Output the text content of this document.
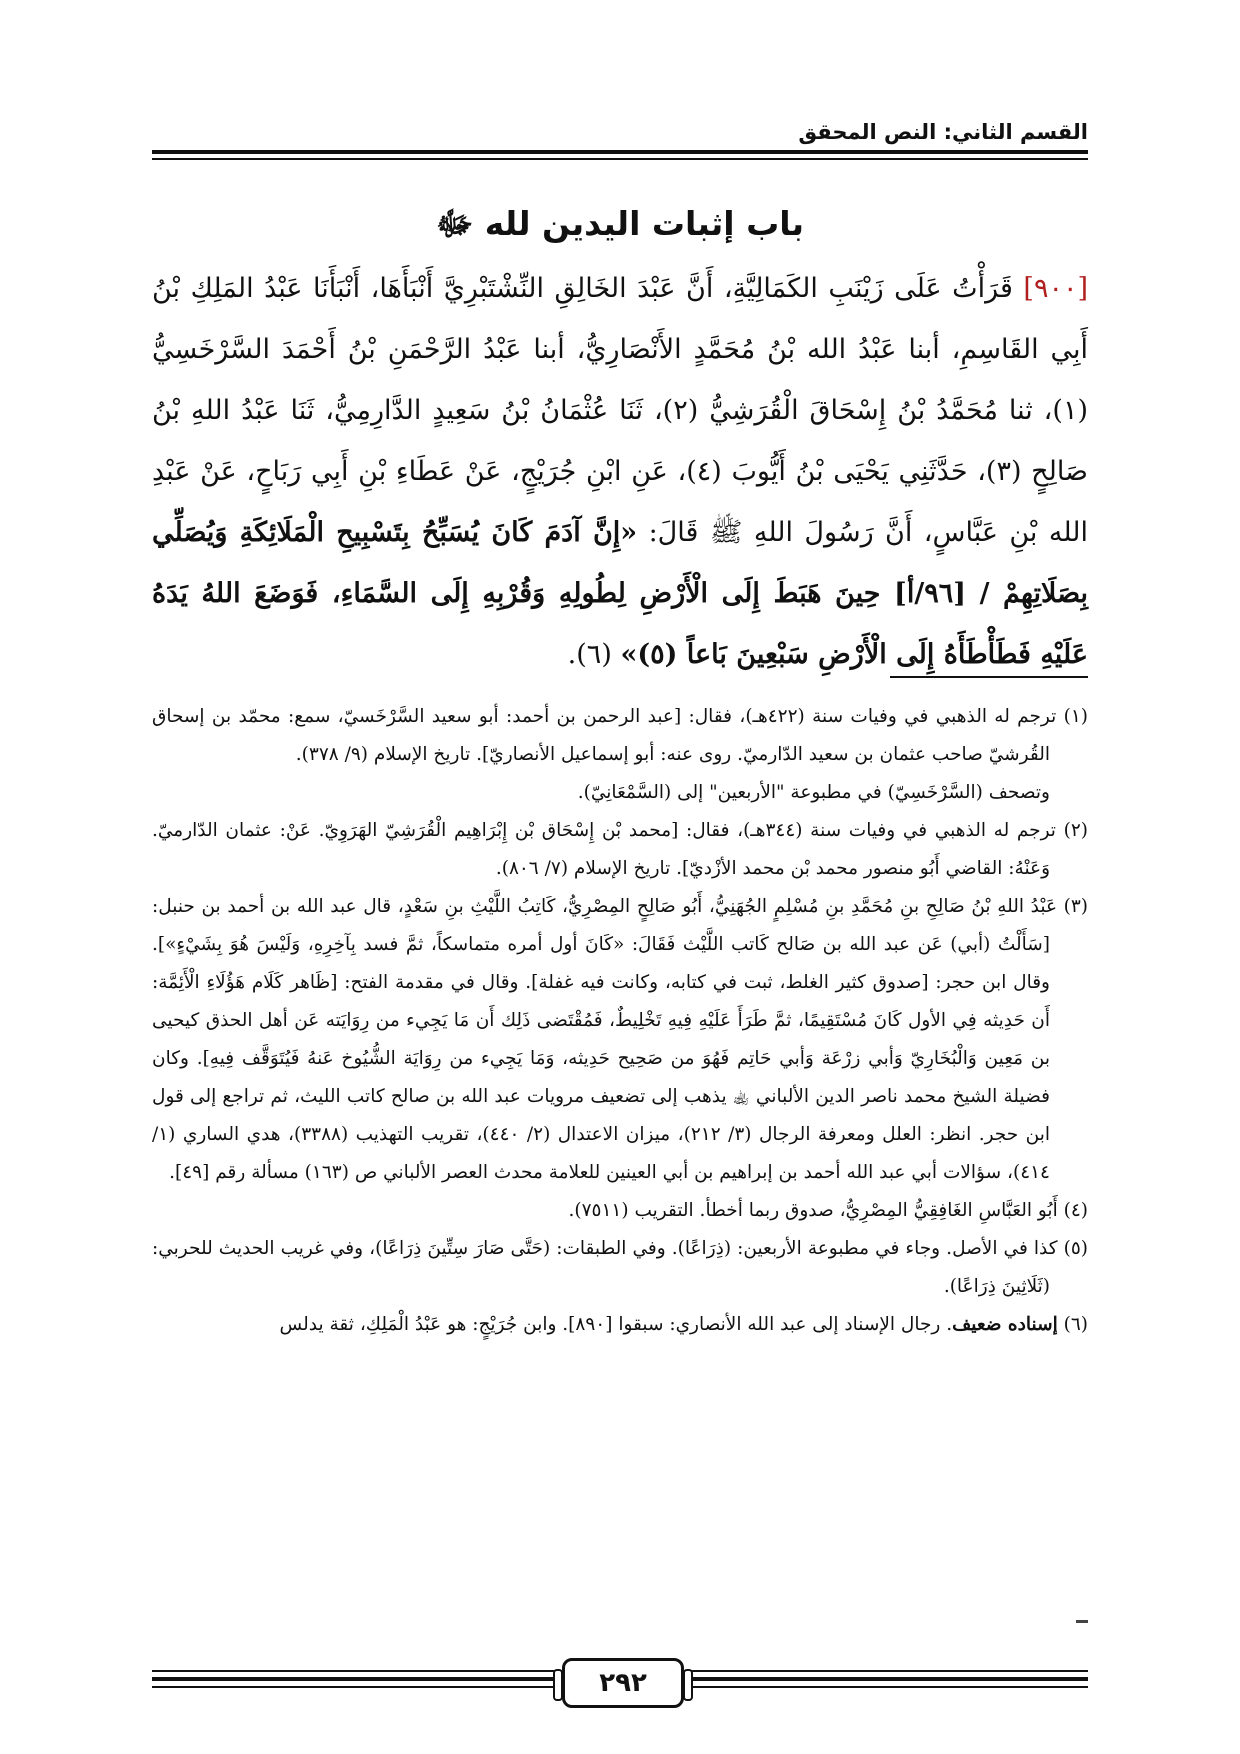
القسم الثاني: النص المحقق
باب إثبات اليدين لله ﷻ
[٩٠٠] قَرَأْتُ عَلَى زَيْنَبِ الكَمَالِيَّةِ، أَنَّ عَبْدَ الخَالِقِ النِّشْتَبْرِيَّ أَنْبَأَهَا، أَنْبَأَنَا عَبْدُ المَلِكِ بْنُ أَبِي القَاسِمِ، أبنا عَبْدُ الله بْنُ مُحَمَّدٍ الأَنْصَارِيُّ، أبنا عَبْدُ الرَّحْمَنِ بْنُ أَحْمَدَ السَّرْخَسِيُّ (١)، ثنا مُحَمَّدُ بْنُ إِسْحَاقَ الْقُرَشِيُّ (٢)، ثَنَا عُثْمَانُ بْنُ سَعِيدٍ الدَّارِمِيُّ، ثَنَا عَبْدُ اللهِ بْنُ صَالِحٍ (٣)، حَدَّثَنِي يَحْيَى بْنُ أَيُّوبَ (٤)، عَنِ ابْنِ جُرَيْجٍ، عَنْ عَطَاءِ بْنِ أَبِي رَبَاحٍ، عَنْ عَبْدِ الله بْنِ عَبَّاسٍ، أَنَّ رَسُولَ اللهِ ﷺ قَالَ: «إِنَّ آدَمَ كَانَ يُسَبِّحُ بِتَسْبِيحِ الْمَلَائِكَةِ وَيُصَلِّي بِصَلَاتِهِمْ / [٩٦/أ] حِينَ هَبَطَ إِلَى الْأَرْضِ لِطُولِهِ وَقُرْبِهِ إِلَى السَّمَاءِ، فَوَضَعَ اللهُ يَدَهُ عَلَيْهِ فَطَأْطَأَهُ إِلَى الْأَرْضِ سَبْعِينَ بَاعاً (٥)» (٦).

(١) ترجم له الذهبي في وفيات سنة (٤٢٢هـ)، فقال: [عبد الرحمن بن أحمد: أبو سعيد السَّرْخَسيّ، سمع: محمّد بن إسحاق القُرشيّ صاحب عثمان بن سعيد الدّارميّ. روى عنه: أبو إسماعيل الأنصاريّ]. تاريخ الإسلام (٩/ ٣٧٨).

وتصحف (السَّرْخَسِيّ) في مطبوعة "الأربعين" إلى (السَّمْعَانِيّ).

(٢) ترجم له الذهبي في وفيات سنة (٣٤٤هـ)، فقال: [محمد بْن إِسْحَاق بْن إِبْرَاهِيم الْقُرَشِيّ الهَرَوِيّ. عَنْ: عثمان الدّارميّ. وَعَنْهُ: القاضي أَبُو منصور محمد بْن محمد الأزْديّ]. تاريخ الإسلام (٧/ ٨٠٦).

(٣) عَبْدُ اللهِ بْنُ صَالِحِ بنِ مُحَمَّدِ بنِ مُسْلِمٍ الجُهَنِيُّ، أَبُو صَالِحٍ المِصْرِيُّ، كَاتِبُ اللَّيْثِ بنِ سَعْدٍ، قال عبد الله بن أحمد بن حنبل: [سَأَلْتُ (أبي) عَن عبد الله بن صَالح كَاتب اللَّيْث فَقَالَ: «كَانَ أول أمره متماسكاً، ثمَّ فسد بِآخِرِهِ، وَلَيْسَ هُوَ بِشَيْءٍ»]. وقال ابن حجر: [صدوق كثير الغلط، ثبت في كتابه، وكانت فيه غفلة]. وقال في مقدمة الفتح: [ظَاهر كَلَام هَؤُلَاءِ الْأَئِمَّة: أَن حَدِيثه فِي الأول كَانَ مُسْتَقِيمًا، ثمَّ طَرَأَ عَلَيْهِ فِيهِ تَخْلِيطٌ، فَمُقْتَضى ذَلِك أَن مَا يَجِيء من رِوَايَته عَن أهل الحذق كيحيى بن مَعِين وَالْبُخَارِيّ وَأبي زرْعَة وَأبي حَاتِم فَهُوَ من صَحِيح حَدِيثه، وَمَا يَجِيء من رِوَايَة الشُّيُوخ عَنهُ فَيُتَوَقَّف فِيهِ]. وكان فضيلة الشيخ محمد ناصر الدين الألباني ﵀ يذهب إلى تضعيف مرويات عبد الله بن صالح كاتب الليث، ثم تراجع إلى قول ابن حجر. انظر: العلل ومعرفة الرجال (٣/ ٢١٢)، ميزان الاعتدال (٢/ ٤٤٠)، تقريب التهذيب (٣٣٨٨)، هدي الساري (١/ ٤١٤)، سؤالات أبي عبد الله أحمد بن إبراهيم بن أبي العينين للعلامة محدث العصر الألباني ص (١٦٣) مسألة رقم [٤٩].

(٤) أَبُو العَبَّاسِ الغَافِقِيُّ المِصْرِيُّ، صدوق ربما أخطأ. التقريب (٧٥١١).

(٥) كذا في الأصل. وجاء في مطبوعة الأربعين: (ذِرَاعًا). وفي الطبقات: (حَتَّى صَارَ سِتِّينَ ذِرَاعًا)، وفي غريب الحديث للحربي: (ثَلَاثِينَ ذِرَاعًا).

(٦) إسناده ضعيف. رجال الإسناد إلى عبد الله الأنصاري: سبقوا [٨٩٠]. وابن جُرَيْجٍ: هو عَبْدُ الْمَلِكِ، ثقة يدلس

٢٩٢
